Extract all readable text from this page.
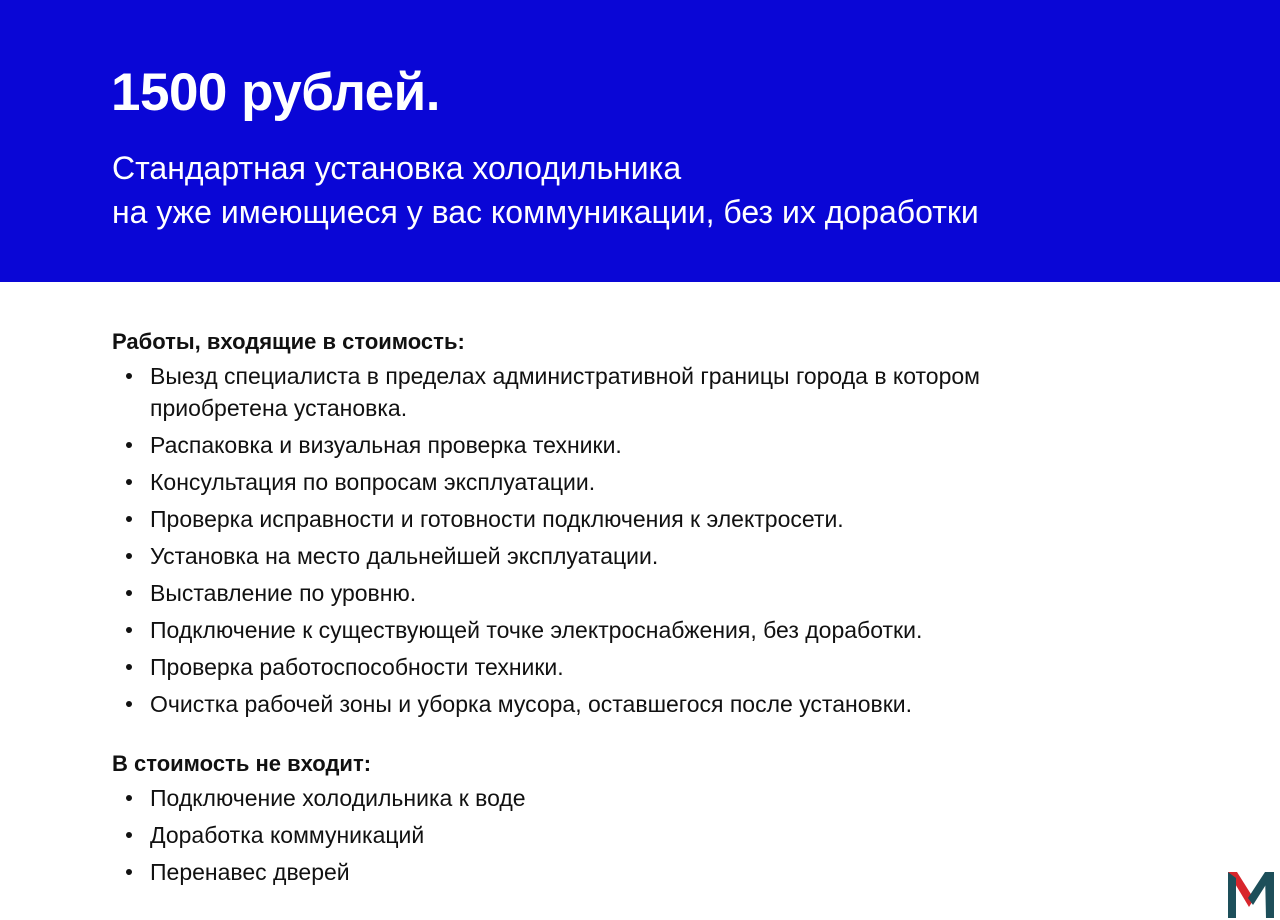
1500 рублей.

Стандартная установка холодильника
на уже имеющиеся у вас коммуникации, без их доработки

Работы, входящие в стоимость:
Выезд специалиста в пределах административной границы города в котором приобретена установка.
Распаковка и визуальная проверка техники.
Консультация по вопросам эксплуатации.
Проверка исправности и готовности подключения к электросети.
Установка на место дальнейшей эксплуатации.
Выставление по уровню.
Подключение к существующей точке электроснабжения, без доработки.
Проверка работоспособности техники.
Очистка рабочей зоны и уборка мусора, оставшегося после установки.
В стоимость не входит:
Подключение холодильника к воде
Доработка коммуникаций
Перенавес дверей
